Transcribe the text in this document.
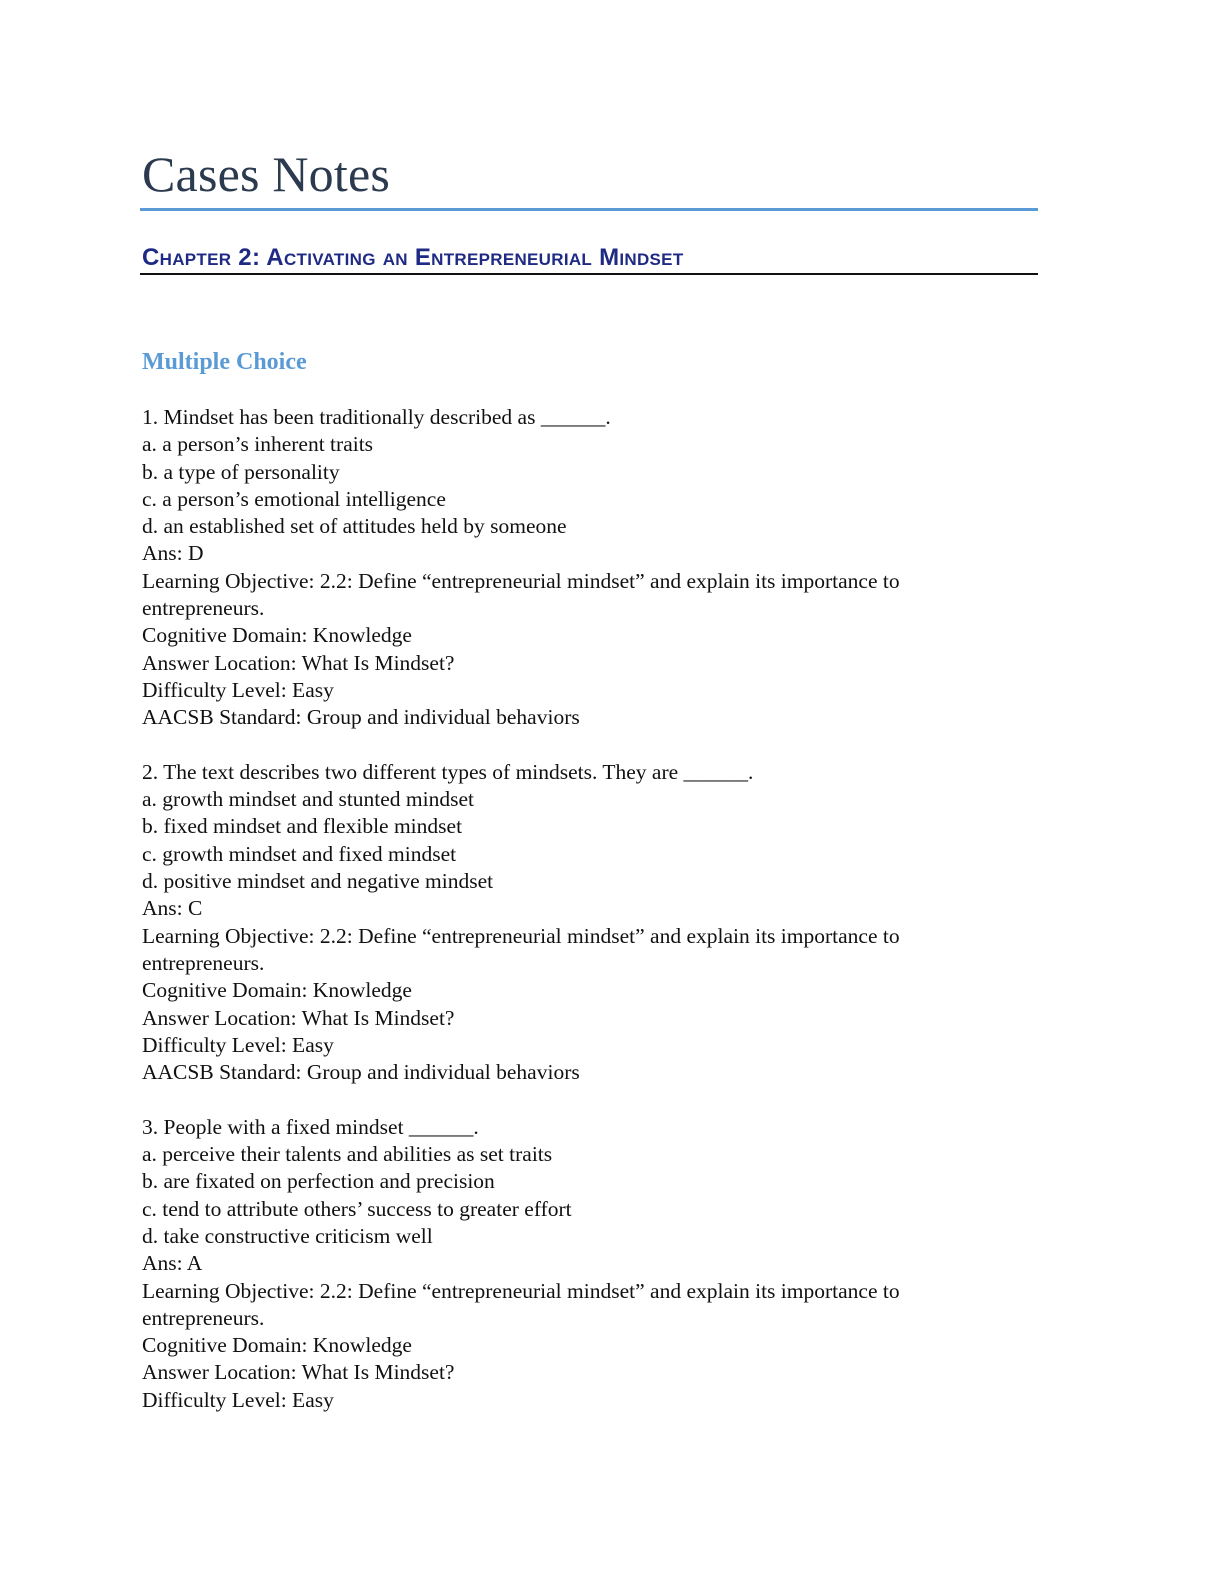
Cases Notes
Chapter 2: Activating an Entrepreneurial Mindset
Multiple Choice
1. Mindset has been traditionally described as ______.
a. a person’s inherent traits
b. a type of personality
c. a person’s emotional intelligence
d. an established set of attitudes held by someone
Ans: D
Learning Objective: 2.2: Define “entrepreneurial mindset” and explain its importance to entrepreneurs.
Cognitive Domain: Knowledge
Answer Location: What Is Mindset?
Difficulty Level: Easy
AACSB Standard: Group and individual behaviors
2. The text describes two different types of mindsets. They are ______.
a. growth mindset and stunted mindset
b. fixed mindset and flexible mindset
c. growth mindset and fixed mindset
d. positive mindset and negative mindset
Ans: C
Learning Objective: 2.2: Define “entrepreneurial mindset” and explain its importance to entrepreneurs.
Cognitive Domain: Knowledge
Answer Location: What Is Mindset?
Difficulty Level: Easy
AACSB Standard: Group and individual behaviors
3. People with a fixed mindset ______.
a. perceive their talents and abilities as set traits
b. are fixated on perfection and precision
c. tend to attribute others’ success to greater effort
d. take constructive criticism well
Ans: A
Learning Objective: 2.2: Define “entrepreneurial mindset” and explain its importance to entrepreneurs.
Cognitive Domain: Knowledge
Answer Location: What Is Mindset?
Difficulty Level: Easy
